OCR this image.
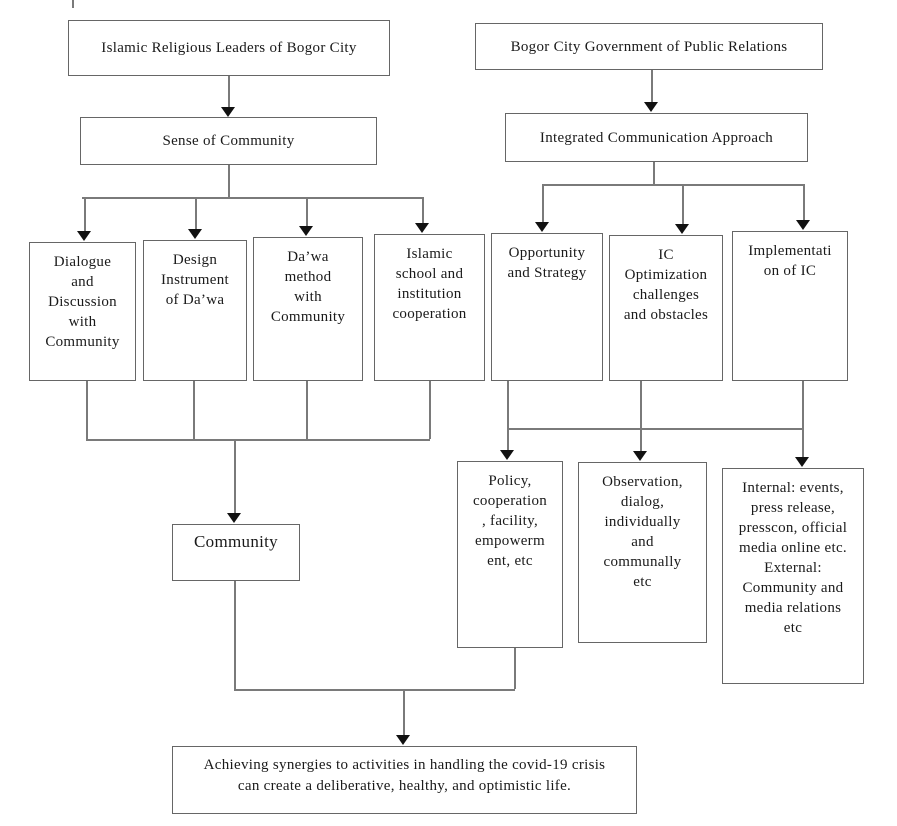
Islamic Religious Leaders of Bogor City	Bogor City Government of Public Relations
Sense of Community	Integrated Communication Approach
Dialogue
and
Discussion
with
Community
Design
Instrument
of Da’wa
Da’wa
method
with
Community
Islamic
school and
institution
cooperation
Opportunity
and Strategy
IC
Optimization
challenges
and obstacles
Implementati
on of IC
Community
Policy,
cooperation
, facility,
empowerm
ent, etc
Observation,
dialog,
individually
and
communally
etc
Internal: events,
press release,
presscon, official
media online etc.
External:
Community and
media relations
etc
Achieving synergies to activities in handling the covid-19 crisis
can create a deliberative, healthy, and optimistic life.
